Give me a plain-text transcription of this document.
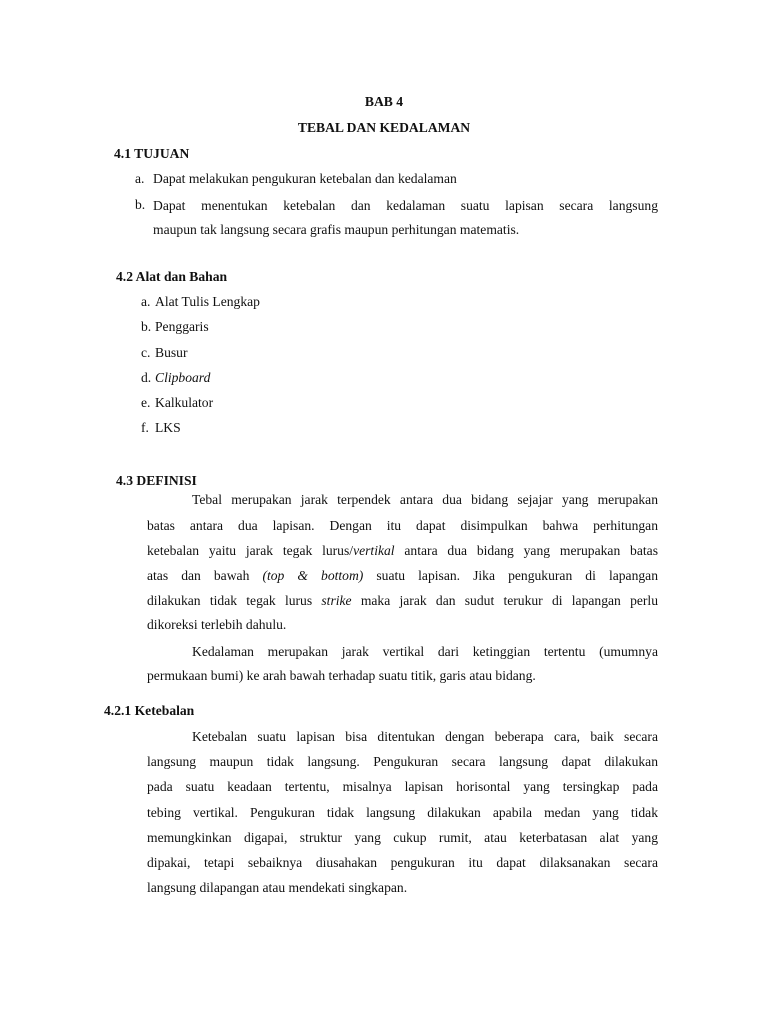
BAB 4
TEBAL DAN KEDALAMAN
4.1 TUJUAN
a. Dapat melakukan pengukuran ketebalan dan kedalaman
b. Dapat menentukan ketebalan dan kedalaman suatu lapisan secara langsung
maupun tak langsung secara grafis maupun perhitungan matematis.
4.2 Alat dan Bahan
a. Alat Tulis Lengkap
b. Penggaris
c. Busur
d. Clipboard
e. Kalkulator
f. LKS
4.3 DEFINISI
Tebal merupakan jarak terpendek antara dua bidang sejajar yang merupakan
batas antara dua lapisan. Dengan itu dapat disimpulkan bahwa perhitungan
ketebalan yaitu jarak tegak lurus/vertikal antara dua bidang yang merupakan batas
atas dan bawah (top & bottom) suatu lapisan. Jika pengukuran di lapangan
dilakukan tidak tegak lurus strike maka jarak dan sudut terukur di lapangan perlu
dikoreksi terlebih dahulu.
Kedalaman merupakan jarak vertikal dari ketinggian tertentu (umumnya
permukaan bumi) ke arah bawah terhadap suatu titik, garis atau bidang.
4.2.1 Ketebalan
Ketebalan suatu lapisan bisa ditentukan dengan beberapa cara, baik secara
langsung maupun tidak langsung. Pengukuran secara langsung dapat dilakukan
pada suatu keadaan tertentu, misalnya lapisan horisontal yang tersingkap pada
tebing vertikal. Pengukuran tidak langsung dilakukan apabila medan yang tidak
memungkinkan digapai, struktur yang cukup rumit, atau keterbatasan alat yang
dipakai, tetapi sebaiknya diusahakan pengukuran itu dapat dilaksanakan secara
langsung dilapangan atau mendekati singkapan.
